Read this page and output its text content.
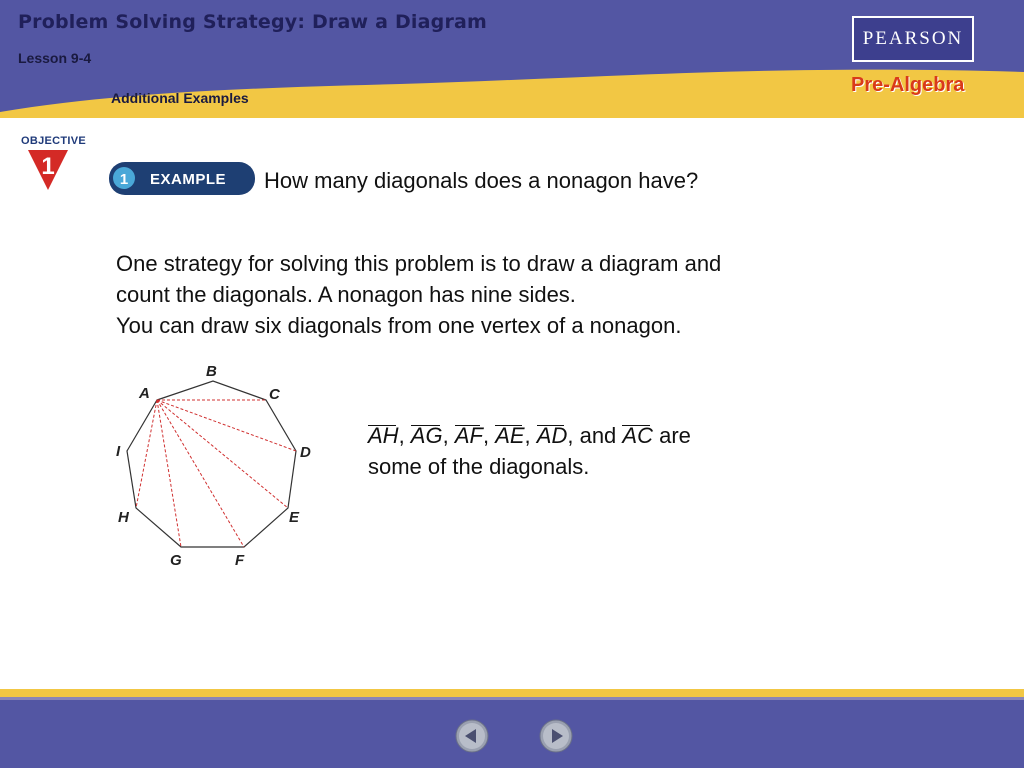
Problem Solving Strategy: Draw a Diagram
Lesson 9-4
Additional Examples
PEARSON
Pre-Algebra
OBJECTIVE
1	1 EXAMPLE How many diagonals does a nonagon have?
One strategy for solving this problem is to draw a diagram and
count the diagonals. A nonagon has nine sides.
You can draw six diagonals from one vertex of a nonagon.
A
B
C
D
E
F
G
H
I
AH, AG, AF, AE, AD, and AC are
some of the diagonals.
